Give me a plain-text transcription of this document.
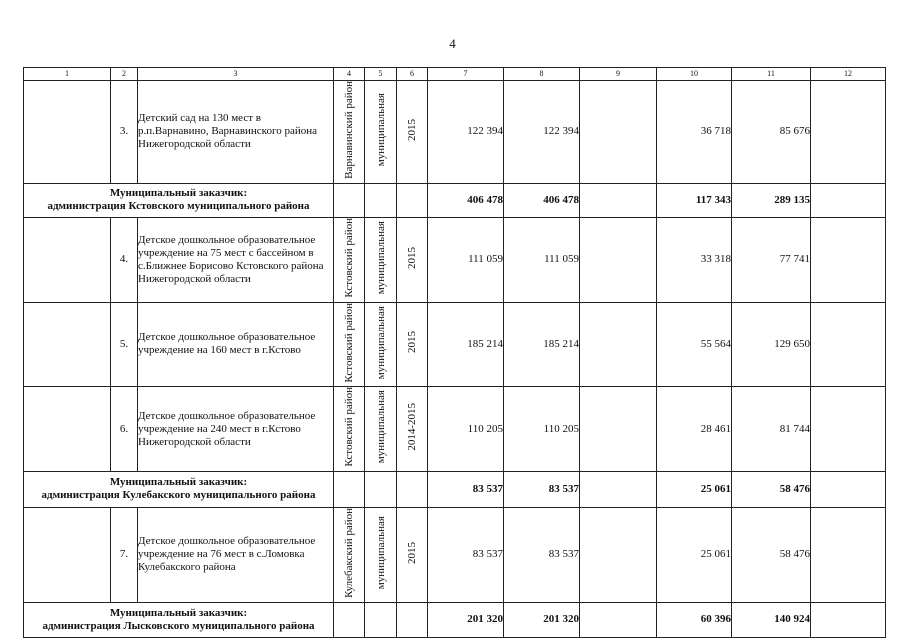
4
1	2	3	4	5	6	7	8	9	10	11	12
	3.	Детский сад на 130 мест в р.п.Варнавино, Варнавинского района Нижегородской области	Варнавинский район	муниципальная	2015	122 394	122 394		36 718	85 676	

Муниципальный заказчик:
администрация Кстовского муниципального района						406 478	406 478		117 343	289 135	
	4.	Детское дошкольное образовательное учреждение на 75 мест с бассейном в с.Ближнее Борисово Кстовского района Нижегородской области	Кстовский район	муниципальная	2015	111 059	111 059		33 318	77 741	
	5.	Детское дошкольное образовательное учреждение на 160 мест в г.Кстово	Кстовский район	муниципальная	2015	185 214	185 214		55 564	129 650	
	6.	Детское дошкольное образовательное учреждение на 240 мест в г.Кстово Нижегородской области	Кстовский район	муниципальная	2014-2015	110 205	110 205		28 461	81 744	

Муниципальный заказчик:
администрация Кулебакского муниципального района						83 537	83 537		25 061	58 476	
	7.	Детское дошкольное образовательное учреждение на 76 мест в с.Ломовка Кулебакского района	Кулебакский район	муниципальная	2015	83 537	83 537		25 061	58 476	

Муниципальный заказчик:
администрация Лысковского муниципального района						201 320	201 320		60 396	140 924	
